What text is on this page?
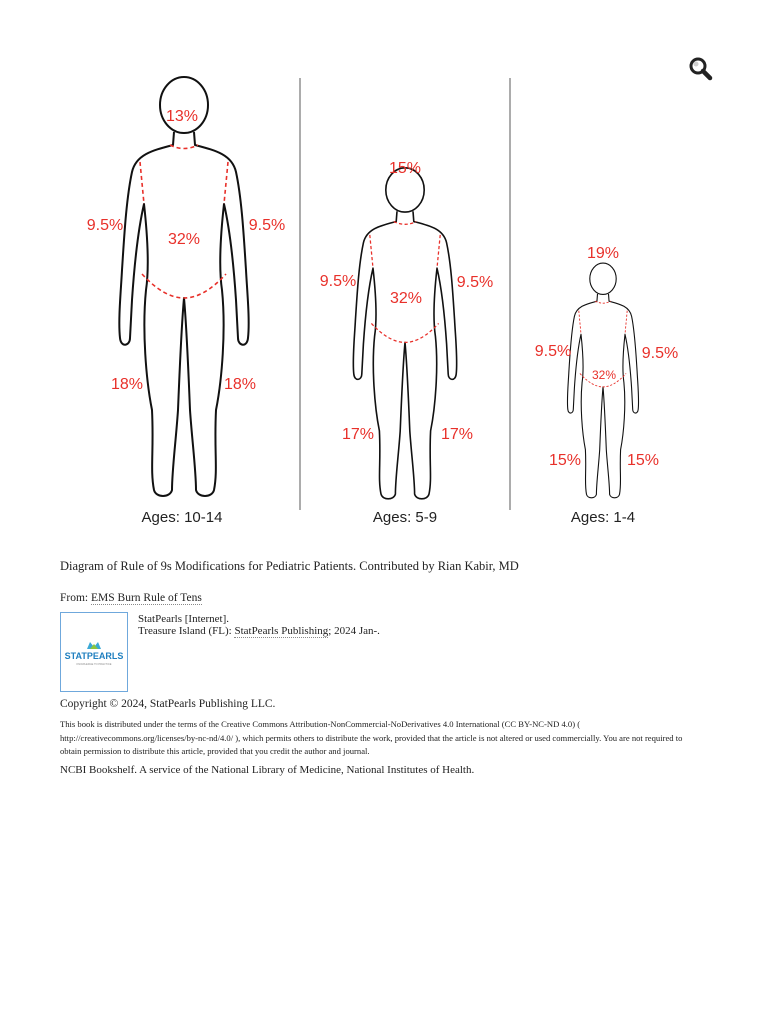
13%
9.5%	9.5%
32%
18%	18%
Ages: 10-14
15%
9.5%	9.5%
32%
17%	17%
Ages: 5-9
19%
9.5%	9.5%
32%
15%	15%
Ages: 1-4
Diagram of Rule of 9s Modifications for Pediatric Patients. Contributed by Rian Kabir, MD
From: EMS Burn Rule of Tens
STATPEARLS
KNOWLEDGE TO PRACTICE
StatPearls [Internet].
Treasure Island (FL): StatPearls Publishing; 2024 Jan-.
Copyright © 2024, StatPearls Publishing LLC.
This book is distributed under the terms of the Creative Commons Attribution-NonCommercial-NoDerivatives 4.0 International (CC BY-NC-ND 4.0) ( http://creativecommons.org/licenses/by-nc-nd/4.0/ ), which permits others to distribute the work, provided that the article is not altered or used commercially. You are not required to obtain permission to distribute this article, provided that you credit the author and journal.
NCBI Bookshelf. A service of the National Library of Medicine, National Institutes of Health.
